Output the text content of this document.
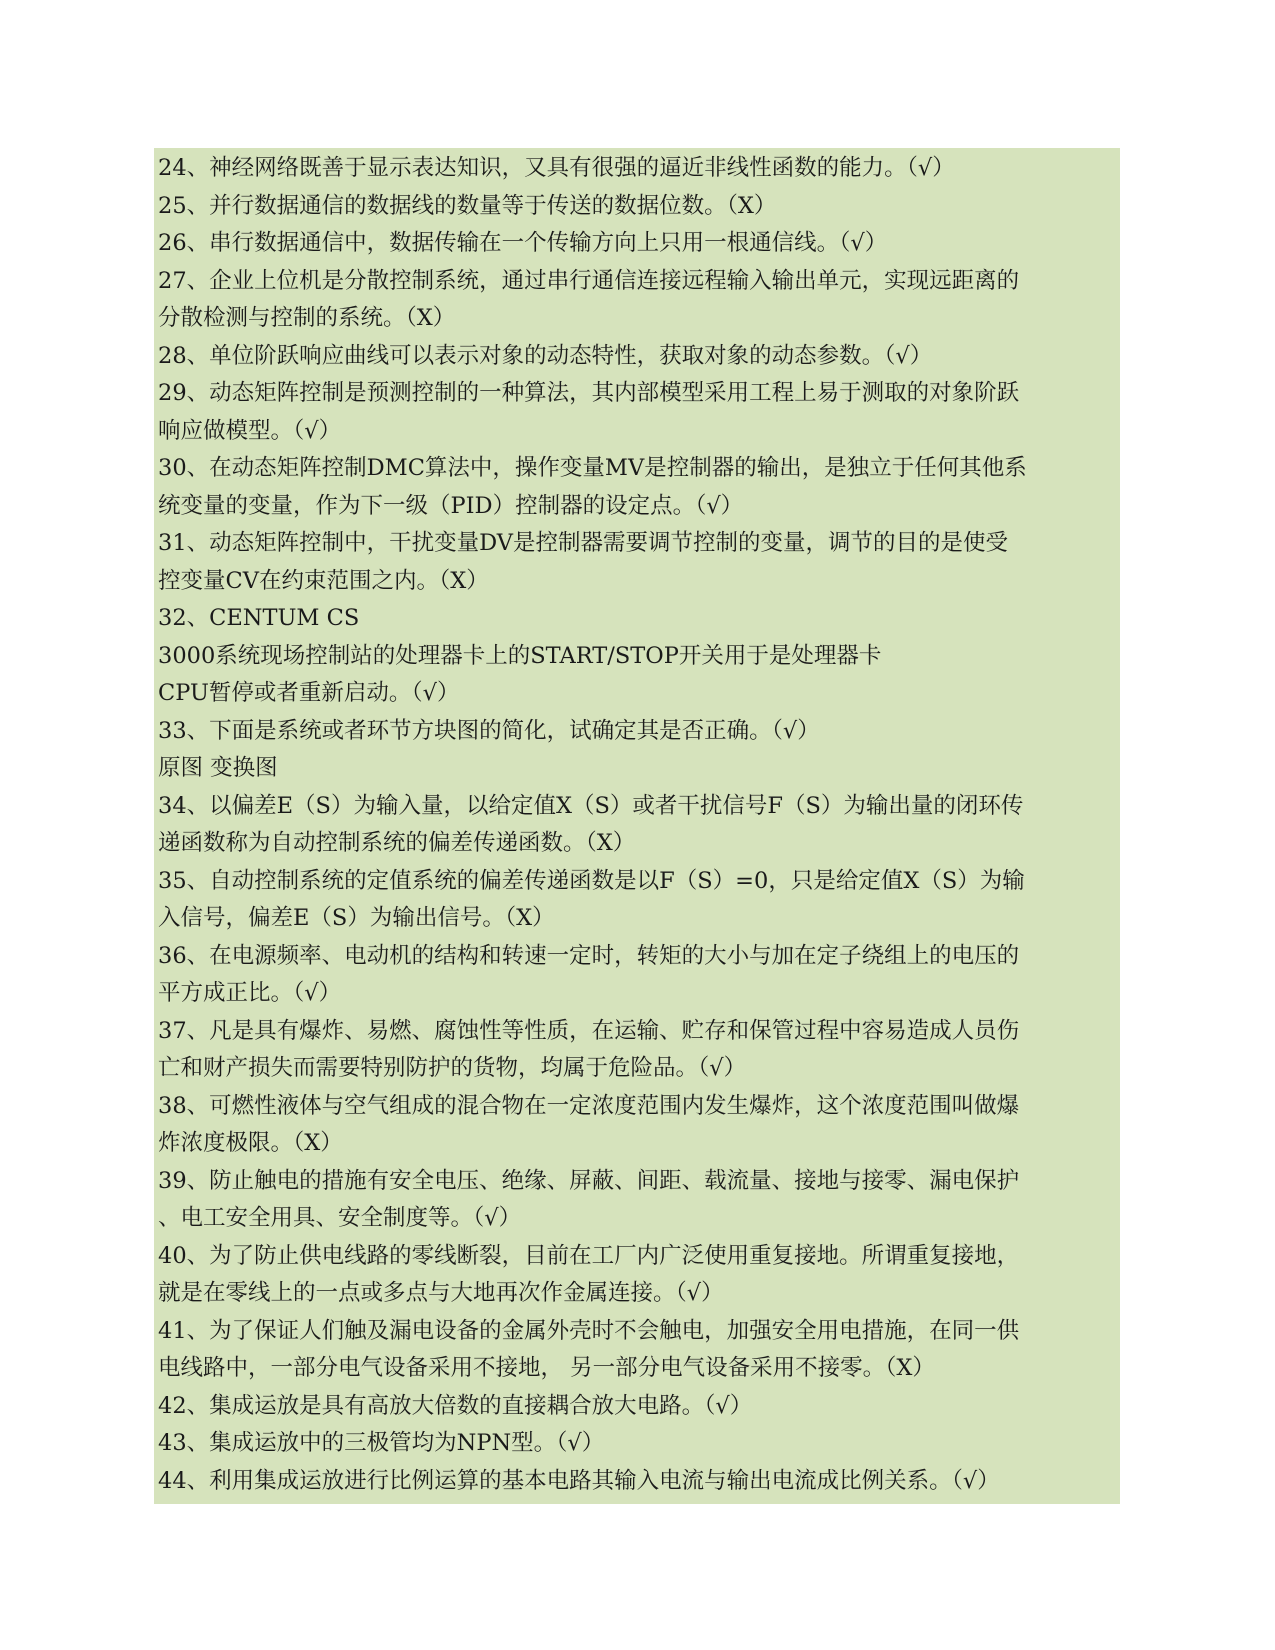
24、神经网络既善于显示表达知识，又具有很强的逼近非线性函数的能力。（√）
25、并行数据通信的数据线的数量等于传送的数据位数。（X）
26、串行数据通信中，数据传输在一个传输方向上只用一根通信线。（√）
27、企业上位机是分散控制系统，通过串行通信连接远程输入输出单元，实现远距离的
分散检测与控制的系统。（X）
28、单位阶跃响应曲线可以表示对象的动态特性，获取对象的动态参数。（√）
29、动态矩阵控制是预测控制的一种算法，其内部模型采用工程上易于测取的对象阶跃
响应做模型。（√）
30、在动态矩阵控制DMC算法中，操作变量MV是控制器的输出，是独立于任何其他系
统变量的变量，作为下一级（PID）控制器的设定点。（√）
31、动态矩阵控制中，干扰变量DV是控制器需要调节控制的变量，调节的目的是使受
控变量CV在约束范围之内。（X）
32、CENTUM CS
3000系统现场控制站的处理器卡上的START/STOP开关用于是处理器卡
CPU暂停或者重新启动。（√）
33、下面是系统或者环节方块图的简化，试确定其是否正确。（√）
原图 变换图
34、以偏差E（S）为输入量，以给定值X（S）或者干扰信号F（S）为输出量的闭环传
递函数称为自动控制系统的偏差传递函数。（X）
35、自动控制系统的定值系统的偏差传递函数是以F（S）=0，只是给定值X（S）为输
入信号，偏差E（S）为输出信号。（X）
36、在电源频率、电动机的结构和转速一定时，转矩的大小与加在定子绕组上的电压的
平方成正比。（√）
37、凡是具有爆炸、易燃、腐蚀性等性质，在运输、贮存和保管过程中容易造成人员伤
亡和财产损失而需要特别防护的货物，均属于危险品。（√）
38、可燃性液体与空气组成的混合物在一定浓度范围内发生爆炸，这个浓度范围叫做爆
炸浓度极限。（X）
39、防止触电的措施有安全电压、绝缘、屏蔽、间距、载流量、接地与接零、漏电保护
、电工安全用具、安全制度等。（√）
40、为了防止供电线路的零线断裂，目前在工厂内广泛使用重复接地。所谓重复接地，
就是在零线上的一点或多点与大地再次作金属连接。（√）
41、为了保证人们触及漏电设备的金属外壳时不会触电，加强安全用电措施，在同一供
电线路中，一部分电气设备采用不接地， 另一部分电气设备采用不接零。（X）
42、集成运放是具有高放大倍数的直接耦合放大电路。（√）
43、集成运放中的三极管均为NPN型。（√）
44、利用集成运放进行比例运算的基本电路其输入电流与输出电流成比例关系。（√）
